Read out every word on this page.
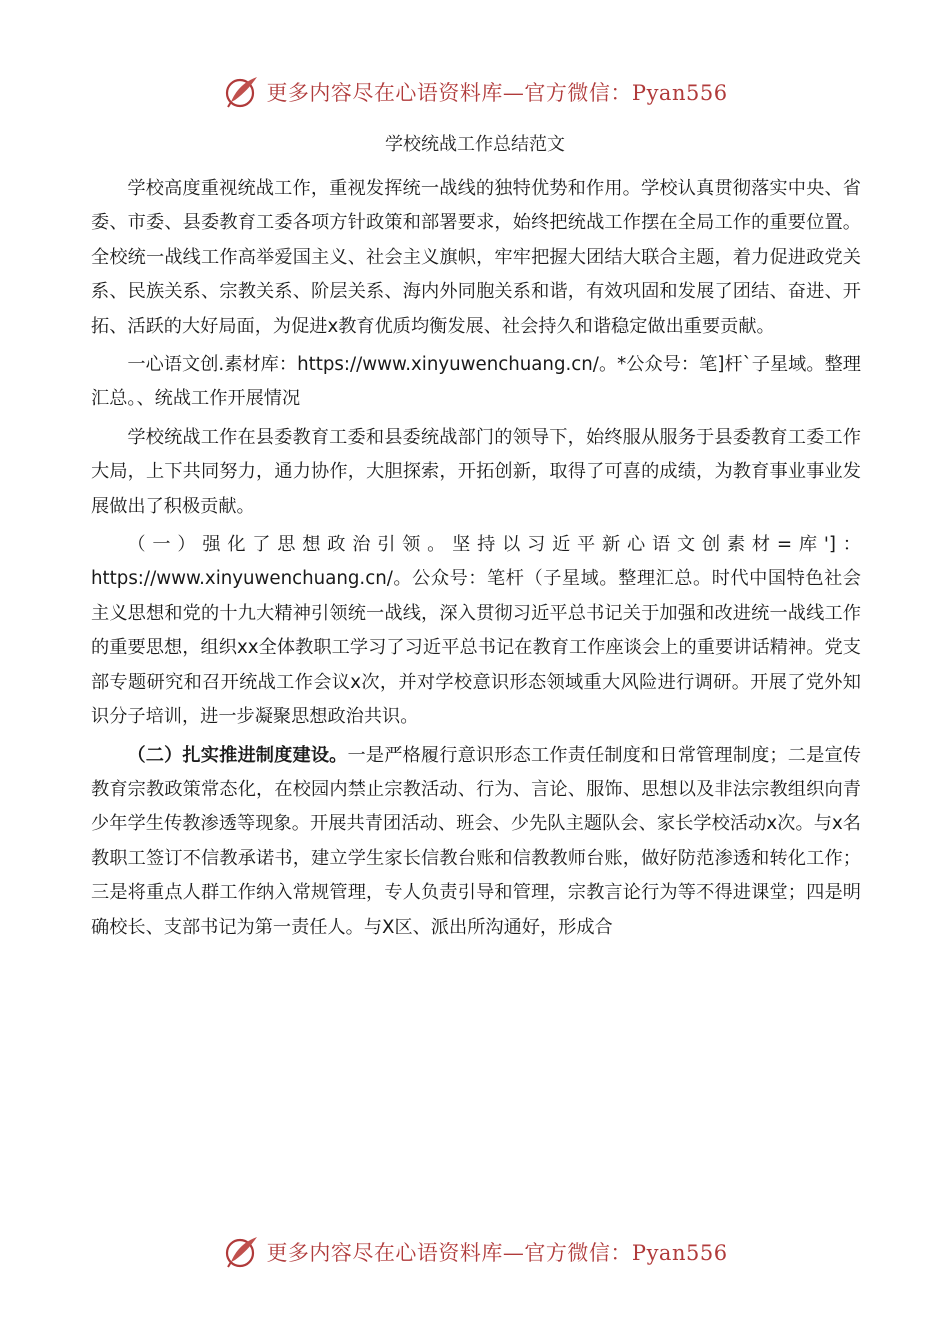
更多内容尽在心语资料库—官方微信：Pyan556
学校统战工作总结范文

学校高度重视统战工作，重视发挥统一战线的独特优势和作用。学校认真贯彻落实中央、省委、市委、县委教育工委各项方针政策和部署要求，始终把统战工作摆在全局工作的重要位置。全校统一战线工作高举爱国主义、社会主义旗帜，牢牢把握大团结大联合主题，着力促进政党关系、民族关系、宗教关系、阶层关系、海内外同胞关系和谐，有效巩固和发展了团结、奋进、开拓、活跃的大好局面，为促进x教育优质均衡发展、社会持久和谐稳定做出重要贡献。

一心语文创.素材库：https://www.xinyuwenchuang.cn/。*公众号：笔]杆`子星域。整理汇总。、统战工作开展情况

学校统战工作在县委教育工委和县委统战部门的领导下，始终服从服务于县委教育工委工作大局，上下共同努力，通力协作，大胆探索，开拓创新，取得了可喜的成绩，为教育事业事业发展做出了积极贡献。

（一）强化了思想政治引领。坚持以习近平新心语文创素材=库']：https://www.xinyuwenchuang.cn/。公众号：笔杆（子星域。整理汇总。时代中国特色社会主义思想和党的十九大精神引领统一战线，深入贯彻习近平总书记关于加强和改进统一战线工作的重要思想，组织xx全体教职工学习了习近平总书记在教育工作座谈会上的重要讲话精神。党支部专题研究和召开统战工作会议x次，并对学校意识形态领域重大风险进行调研。开展了党外知识分子培训，进一步凝聚思想政治共识。

（二）扎实推进制度建设。一是严格履行意识形态工作责任制度和日常管理制度；二是宣传教育宗教政策常态化，在校园内禁止宗教活动、行为、言论、服饰、思想以及非法宗教组织向青少年学生传教渗透等现象。开展共青团活动、班会、少先队主题队会、家长学校活动x次。与x名教职工签订不信教承诺书，建立学生家长信教台账和信教教师台账，做好防范渗透和转化工作；三是将重点人群工作纳入常规管理，专人负责引导和管理，宗教言论行为等不得进课堂；四是明确校长、支部书记为第一责任人。与X区、派出所沟通好，形成合

更多内容尽在心语资料库—官方微信：Pyan556
